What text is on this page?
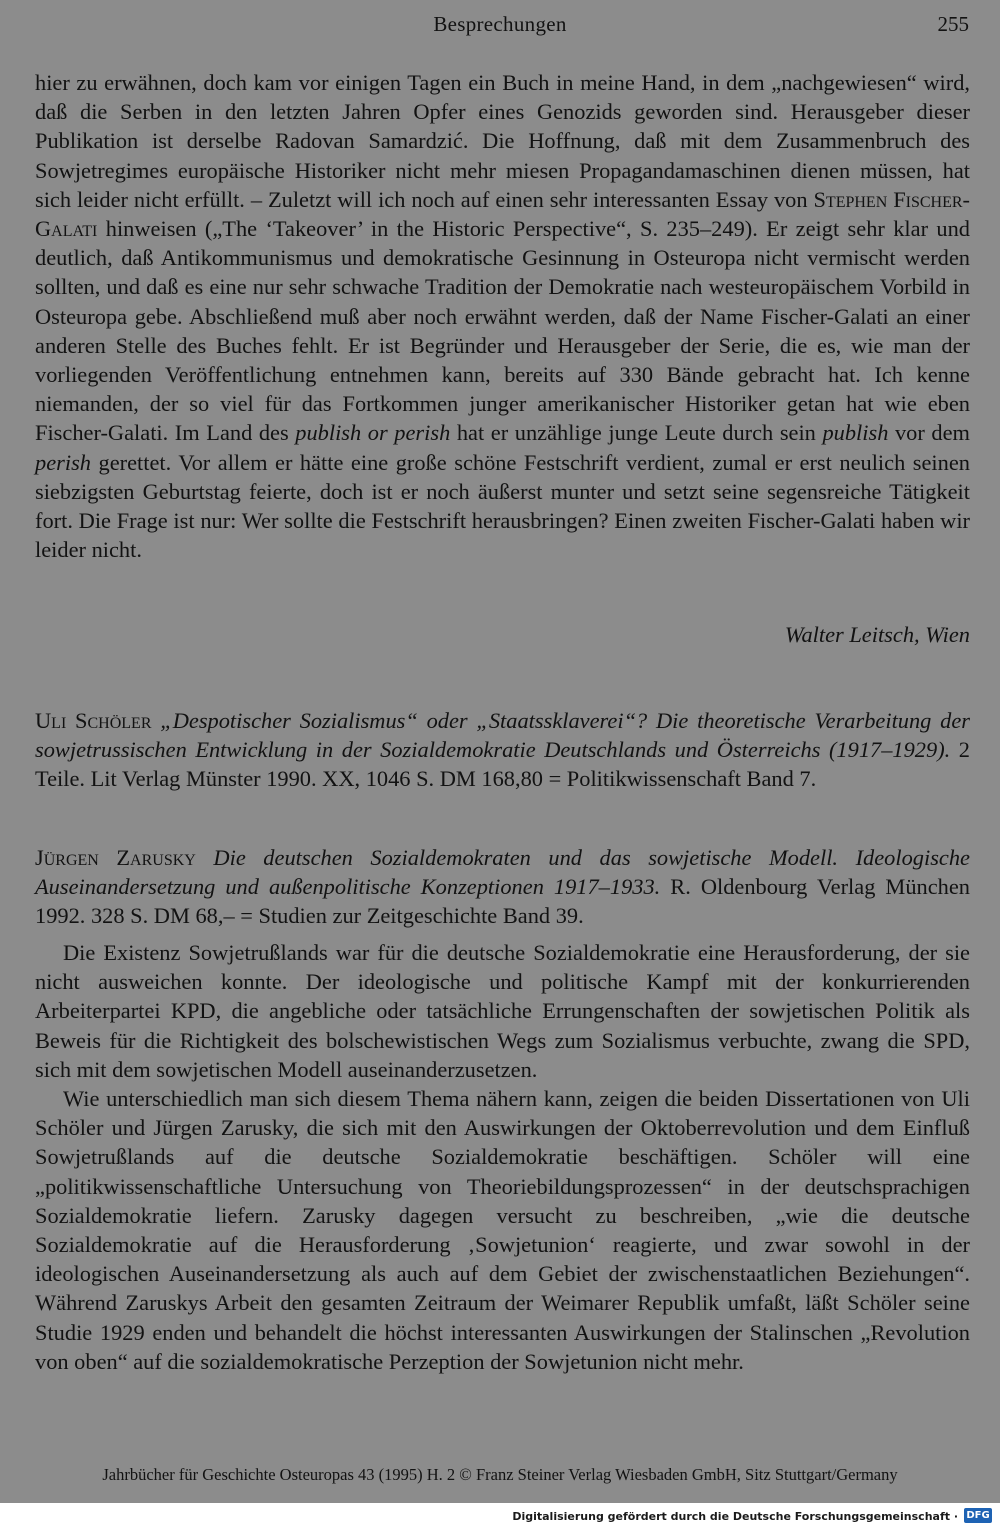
Besprechungen	255
hier zu erwähnen, doch kam vor einigen Tagen ein Buch in meine Hand, in dem „nachgewiesen“ wird, daß die Serben in den letzten Jahren Opfer eines Genozids geworden sind. Herausgeber dieser Publikation ist derselbe Radovan Samardzić. Die Hoffnung, daß mit dem Zusammenbruch des Sowjetregimes europäische Historiker nicht mehr miesen Propagandamaschinen dienen müssen, hat sich leider nicht erfüllt. – Zuletzt will ich noch auf einen sehr interessanten Essay von Stephen Fischer-Galati hinweisen („The ‘Takeover’ in the Historic Perspective“, S. 235–249). Er zeigt sehr klar und deutlich, daß Antikommunismus und demokratische Gesinnung in Osteuropa nicht vermischt werden sollten, und daß es eine nur sehr schwache Tradition der Demokratie nach westeuropäischem Vorbild in Osteuropa gebe. Abschließend muß aber noch erwähnt werden, daß der Name Fischer-Galati an einer anderen Stelle des Buches fehlt. Er ist Begründer und Herausgeber der Serie, die es, wie man der vorliegenden Veröffentlichung entnehmen kann, bereits auf 330 Bände gebracht hat. Ich kenne niemanden, der so viel für das Fortkommen junger amerikanischer Historiker getan hat wie eben Fischer-Galati. Im Land des publish or perish hat er unzählige junge Leute durch sein publish vor dem perish gerettet. Vor allem er hätte eine große schöne Festschrift verdient, zumal er erst neulich seinen siebzigsten Geburtstag feierte, doch ist er noch äußerst munter und setzt seine segensreiche Tätigkeit fort. Die Frage ist nur: Wer sollte die Festschrift herausbringen? Einen zweiten Fischer-Galati haben wir leider nicht.
Walter Leitsch, Wien
Uli Schöler „Despotischer Sozialismus“ oder „Staatssklaverei“? Die theoretische Verarbeitung der sowjetrussischen Entwicklung in der Sozialdemokratie Deutschlands und Österreichs (1917–1929). 2 Teile. Lit Verlag Münster 1990. XX, 1046 S. DM 168,80 = Politikwissenschaft Band 7.
Jürgen Zarusky Die deutschen Sozialdemokraten und das sowjetische Modell. Ideologische Auseinandersetzung und außenpolitische Konzeptionen 1917–1933. R. Oldenbourg Verlag München 1992. 328 S. DM 68,– = Studien zur Zeitgeschichte Band 39.

Die Existenz Sowjetrußlands war für die deutsche Sozialdemokratie eine Herausforderung, der sie nicht ausweichen konnte. Der ideologische und politische Kampf mit der konkurrierenden Arbeiterpartei KPD, die angebliche oder tatsächliche Errungenschaften der sowjetischen Politik als Beweis für die Richtigkeit des bolschewistischen Wegs zum Sozialismus verbuchte, zwang die SPD, sich mit dem sowjetischen Modell auseinanderzusetzen.

Wie unterschiedlich man sich diesem Thema nähern kann, zeigen die beiden Dissertationen von Uli Schöler und Jürgen Zarusky, die sich mit den Auswirkungen der Oktoberrevolution und dem Einfluß Sowjetrußlands auf die deutsche Sozialdemokratie beschäftigen. Schöler will eine „politikwissenschaftliche Untersuchung von Theoriebildungsprozessen“ in der deutschsprachigen Sozialdemokratie liefern. Zarusky dagegen versucht zu beschreiben, „wie die deutsche Sozialdemokratie auf die Herausforderung ‚Sowjetunion‘ reagierte, und zwar sowohl in der ideologischen Auseinandersetzung als auch auf dem Gebiet der zwischenstaatlichen Beziehungen“. Während Zaruskys Arbeit den gesamten Zeitraum der Weimarer Republik umfaßt, läßt Schöler seine Studie 1929 enden und behandelt die höchst interessanten Auswirkungen der Stalinschen „Revolution von oben“ auf die sozialdemokratische Perzeption der Sowjetunion nicht mehr.

Jahrbücher für Geschichte Osteuropas 43 (1995) H. 2 © Franz Steiner Verlag Wiesbaden GmbH, Sitz Stuttgart/Germany
Digitalisierung gefördert durch die Deutsche Forschungsgemeinschaft · DFG
